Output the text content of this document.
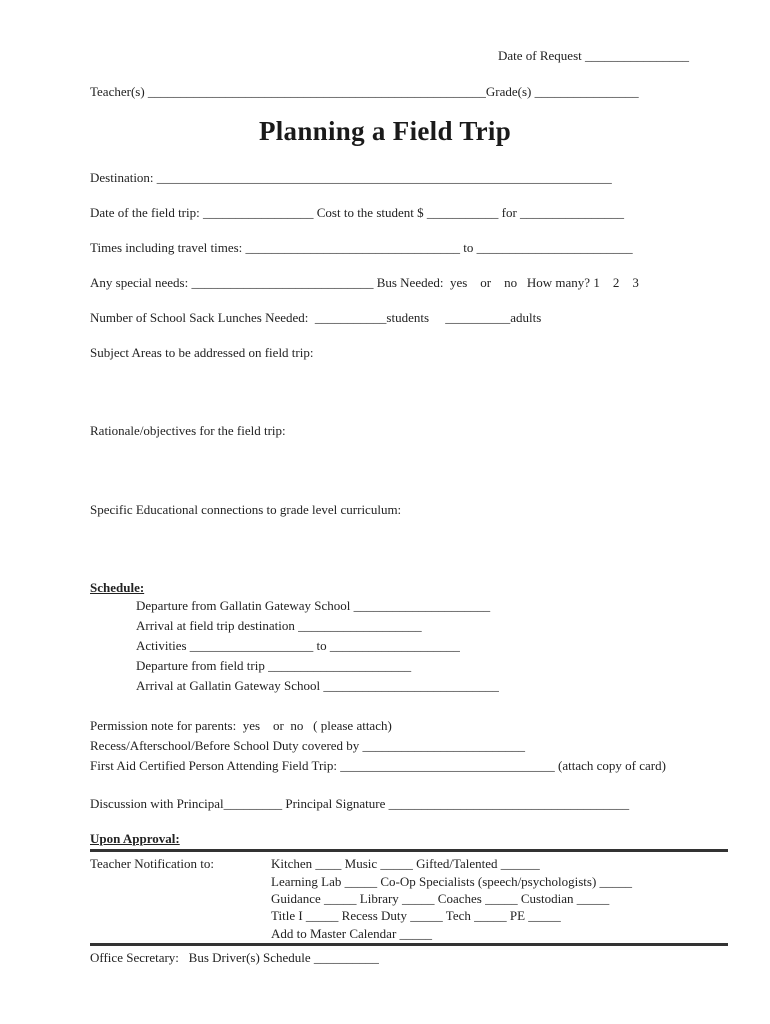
Date of Request ________________
Teacher(s) ____________________________________________________Grade(s) ________________
Planning a Field Trip
Destination: ______________________________________________________________________
Date of the field trip: _________________ Cost to the student $ ___________ for ________________
Times including travel times: _________________________________ to ________________________
Any special needs: ____________________________ Bus Needed:  yes    or    no   How many? 1    2    3
Number of School Sack Lunches Needed:  ___________students     __________adults
Subject Areas to be addressed on field trip:
Rationale/objectives for the field trip:
Specific Educational connections to grade level curriculum:
Schedule:
Departure from Gallatin Gateway School _____________________
Arrival at field trip destination ___________________
Activities ___________________ to ____________________
Departure from field trip ______________________
Arrival at Gallatin Gateway School ___________________________
Permission note for parents:  yes    or  no   ( please attach)
Recess/Afterschool/Before School Duty covered by _________________________
First Aid Certified Person Attending Field Trip: _________________________________ (attach copy of card)
Discussion with Principal_________ Principal Signature _____________________________________
Upon Approval:
Teacher Notification to:	Kitchen ____ Music _____ Gifted/Talented ______
Learning Lab _____ Co-Op Specialists (speech/psychologists) _____
Guidance _____ Library _____ Coaches _____ Custodian _____
Title I _____ Recess Duty _____ Tech _____ PE _____
Add to Master Calendar _____
Office Secretary:   Bus Driver(s) Schedule __________
